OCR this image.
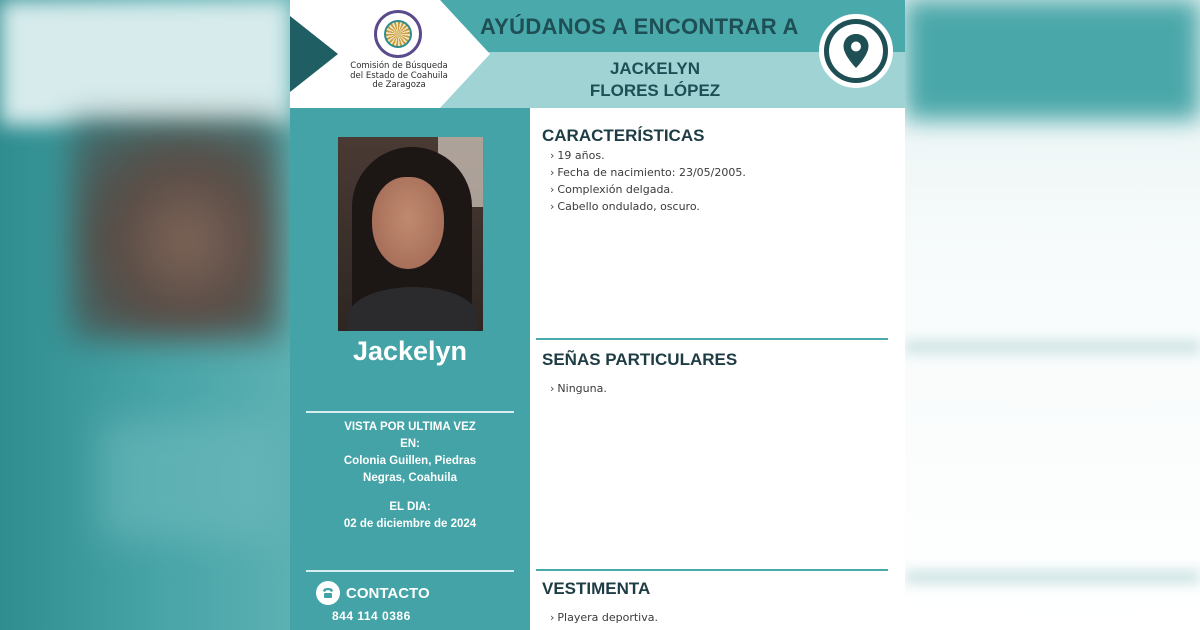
Comisión de Búsqueda
del Estado de Coahuila
de Zaragoza
AYÚDANOS A ENCONTRAR A
JACKELYN
FLORES LÓPEZ
Jackelyn
VISTA POR ULTIMA VEZ
EN:
Colonia Guillen, Piedras
Negras, Coahuila
EL DIA:
02 de diciembre de 2024
CONTACTO
844 114 0386
CARACTERÍSTICAS
› 19 años.
› Fecha de nacimiento: 23/05/2005.
› Complexión delgada.
› Cabello ondulado, oscuro.
SEÑAS PARTICULARES
› Ninguna.
VESTIMENTA
› Playera deportiva.
